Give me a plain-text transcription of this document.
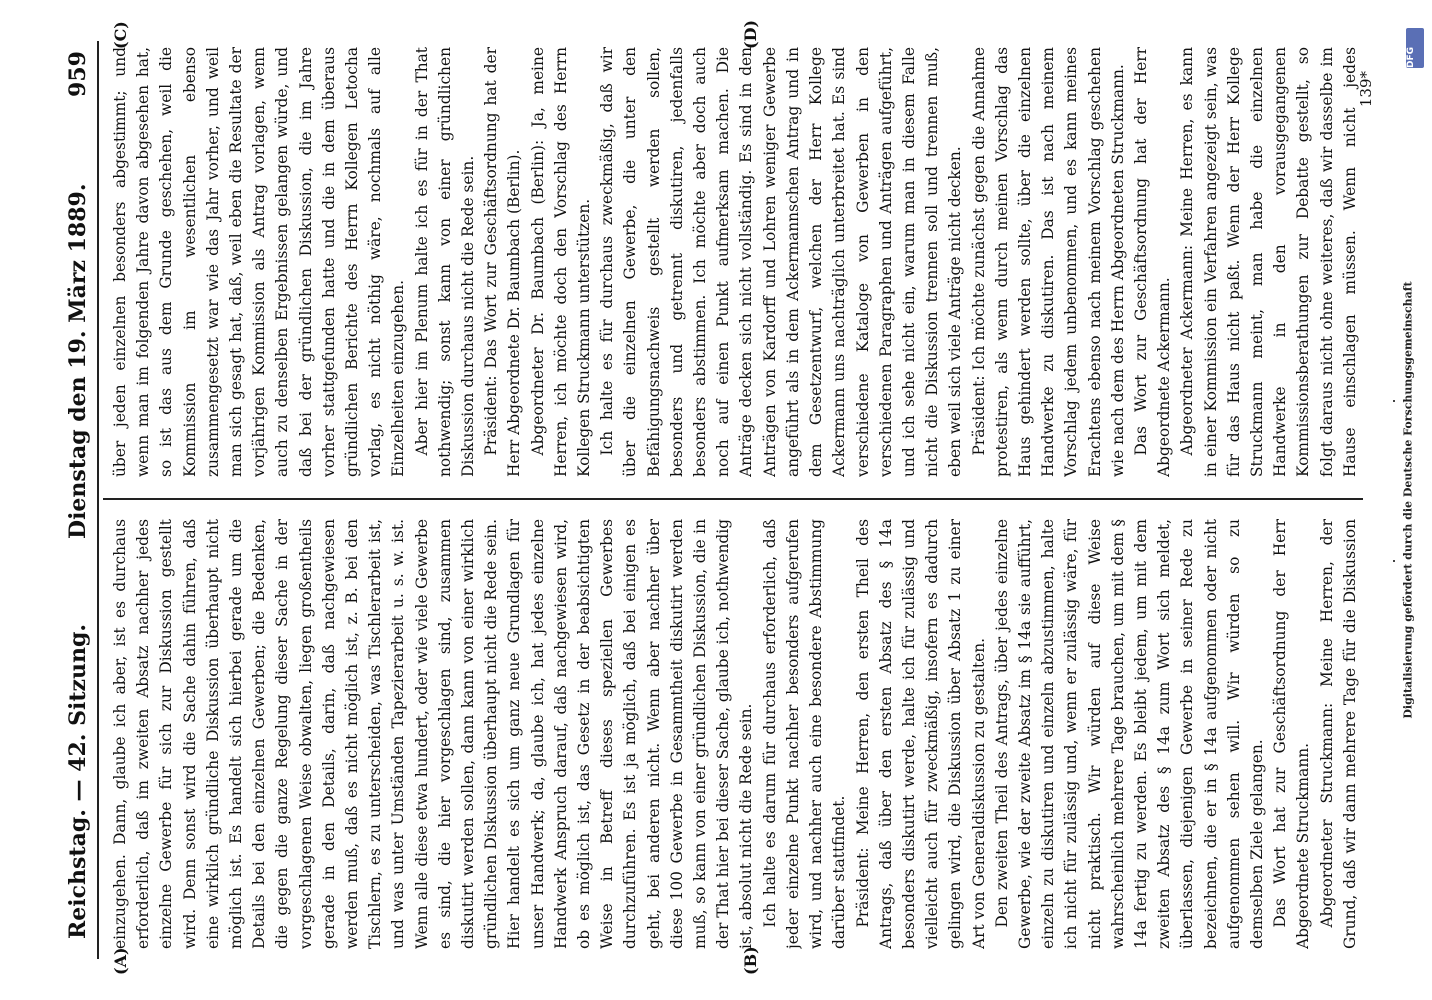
Reichstag. — 42. Sitzung.
Dienstag den 19. März 1889.
959
(A)	(B)
(C)	(D)

einzugehen. Dann, glaube ich aber, ist es durchaus erforderlich, daß im zweiten Absatz nachher jedes einzelne Gewerbe für sich zur Diskussion gestellt wird. Denn sonst wird die Sache dahin führen, daß eine wirklich gründliche Diskussion überhaupt nicht möglich ist. Es handelt sich hierbei gerade um die Details bei den einzelnen Gewerben; die Bedenken, die gegen die ganze Regelung dieser Sache in der vorgeschlagenen Weise obwalten, liegen großentheils gerade in den Details, darin, daß nachgewiesen werden muß, daß es nicht möglich ist, z. B. bei den Tischlern, es zu unterscheiden, was Tischlerarbeit ist, und was unter Umständen Tapezierarbeit u. s. w. ist. Wenn alle diese etwa hundert, oder wie viele Gewerbe es sind, die hier vorgeschlagen sind, zusammen diskutirt werden sollen, dann kann von einer wirklich gründlichen Diskussion überhaupt nicht die Rede sein. Hier handelt es sich um ganz neue Grundlagen für unser Handwerk; da, glaube ich, hat jedes einzelne Handwerk Anspruch darauf, daß nachgewiesen wird, ob es möglich ist, das Gesetz in der beabsichtigten Weise in Betreff dieses speziellen Gewerbes durchzuführen. Es ist ja möglich, daß bei einigen es geht, bei anderen nicht. Wenn aber nachher über diese 100 Gewerbe in Gesammtheit diskutirt werden muß, so kann von einer gründlichen Diskussion, die in der That hier bei dieser Sache, glaube ich, nothwendig ist, absolut nicht die Rede sein. Ich halte es darum für durchaus erforderlich, daß jeder einzelne Punkt nachher besonders aufgerufen wird, und nachher auch eine besondere Abstimmung darüber stattfindet. Präsident: Meine Herren, den ersten Theil des Antrags, daß über den ersten Absatz des § 14a besonders diskutirt werde, halte ich für zulässig und vielleicht auch für zweckmäßig, insofern es dadurch gelingen wird, die Diskussion über Absatz 1 zu einer Art von Generaldiskussion zu gestalten. Den zweiten Theil des Antrags, über jedes einzelne Gewerbe, wie der zweite Absatz im § 14a sie aufführt, einzeln zu diskutiren und einzeln abzustimmen, halte ich nicht für zulässig und, wenn er zulässig wäre, für nicht praktisch. Wir würden auf diese Weise wahrscheinlich mehrere Tage brauchen, um mit dem § 14a fertig zu werden. Es bleibt jedem, um mit dem zweiten Absatz des § 14a zum Wort sich meldet, überlassen, diejenigen Gewerbe in seiner Rede zu bezeichnen, die er in § 14a aufgenommen oder nicht aufgenommen sehen will. Wir würden so zu demselben Ziele gelangen. Das Wort hat zur Geschäftsordnung der Herr Abgeordnete Struckmann. Abgeordneter Struckmann: Meine Herren, der Grund, daß wir dann mehrere Tage für die Diskussion

über jeden einzelnen besonders abgestimmt; und wenn man im folgenden Jahre davon abgesehen hat, so ist das aus dem Grunde geschehen, weil die Kommission im wesentlichen ebenso zusammengesetzt war wie das Jahr vorher, und weil man sich gesagt hat, daß, weil eben die Resultate der vorjährigen Kommission als Antrag vorlagen, wenn auch zu denselben Ergebnissen gelangen würde, und daß bei der gründlichen Diskussion, die im Jahre vorher stattgefunden hatte und die in dem überaus gründlichen Berichte des Herrn Kollegen Letocha vorlag, es nicht nöthig wäre, nochmals auf alle Einzelheiten einzugehen. Aber hier im Plenum halte ich es für in der That nothwendig; sonst kann von einer gründlichen Diskussion durchaus nicht die Rede sein. Präsident: Das Wort zur Geschäftsordnung hat der Herr Abgeordnete Dr. Baumbach (Berlin). Abgeordneter Dr. Baumbach (Berlin): Ja, meine Herren, ich möchte doch den Vorschlag des Herrn Kollegen Struckmann unterstützen. Ich halte es für durchaus zweckmäßig, daß wir über die einzelnen Gewerbe, die unter den Befähigungsnachweis gestellt werden sollen, besonders und getrennt diskutiren, jedenfalls besonders abstimmen. Ich möchte aber doch auch noch auf einen Punkt aufmerksam machen. Die Anträge decken sich nicht vollständig. Es sind in den Anträgen von Kardorff und Lohren weniger Gewerbe angeführt als in dem Ackermannschen Antrag und in dem Gesetzentwurf, welchen der Herr Kollege Ackermann uns nachträglich unterbreitet hat. Es sind verschiedene Kataloge von Gewerben in den verschiedenen Paragraphen und Anträgen aufgeführt, und ich sehe nicht ein, warum man in diesem Falle nicht die Diskussion trennen soll und trennen muß, eben weil sich viele Anträge nicht decken. Präsident: Ich möchte zunächst gegen die Annahme protestiren, als wenn durch meinen Vorschlag das Haus gehindert werden sollte, über die einzelnen Handwerke zu diskutiren. Das ist nach meinem Vorschlag jedem unbenommen, und es kann meines Erachtens ebenso nach meinem Vorschlag geschehen wie nach dem des Herrn Abgeordneten Struckmann. Das Wort zur Geschäftsordnung hat der Herr Abgeordnete Ackermann. Abgeordneter Ackermann: Meine Herren, es kann in einer Kommission ein Verfahren angezeigt sein, was für das Haus nicht paßt. Wenn der Herr Kollege Struckmann meint, man habe die einzelnen Handwerke in den vorausgegangenen Kommissionsberathungen zur Debatte gestellt, so folgt daraus nicht ohne weiteres, daß wir dasselbe im Hause einschlagen müssen. Wenn nicht jedes

139*
DFG
Digitalisierung gefördert durch die Deutsche Forschungsgemeinschaft
